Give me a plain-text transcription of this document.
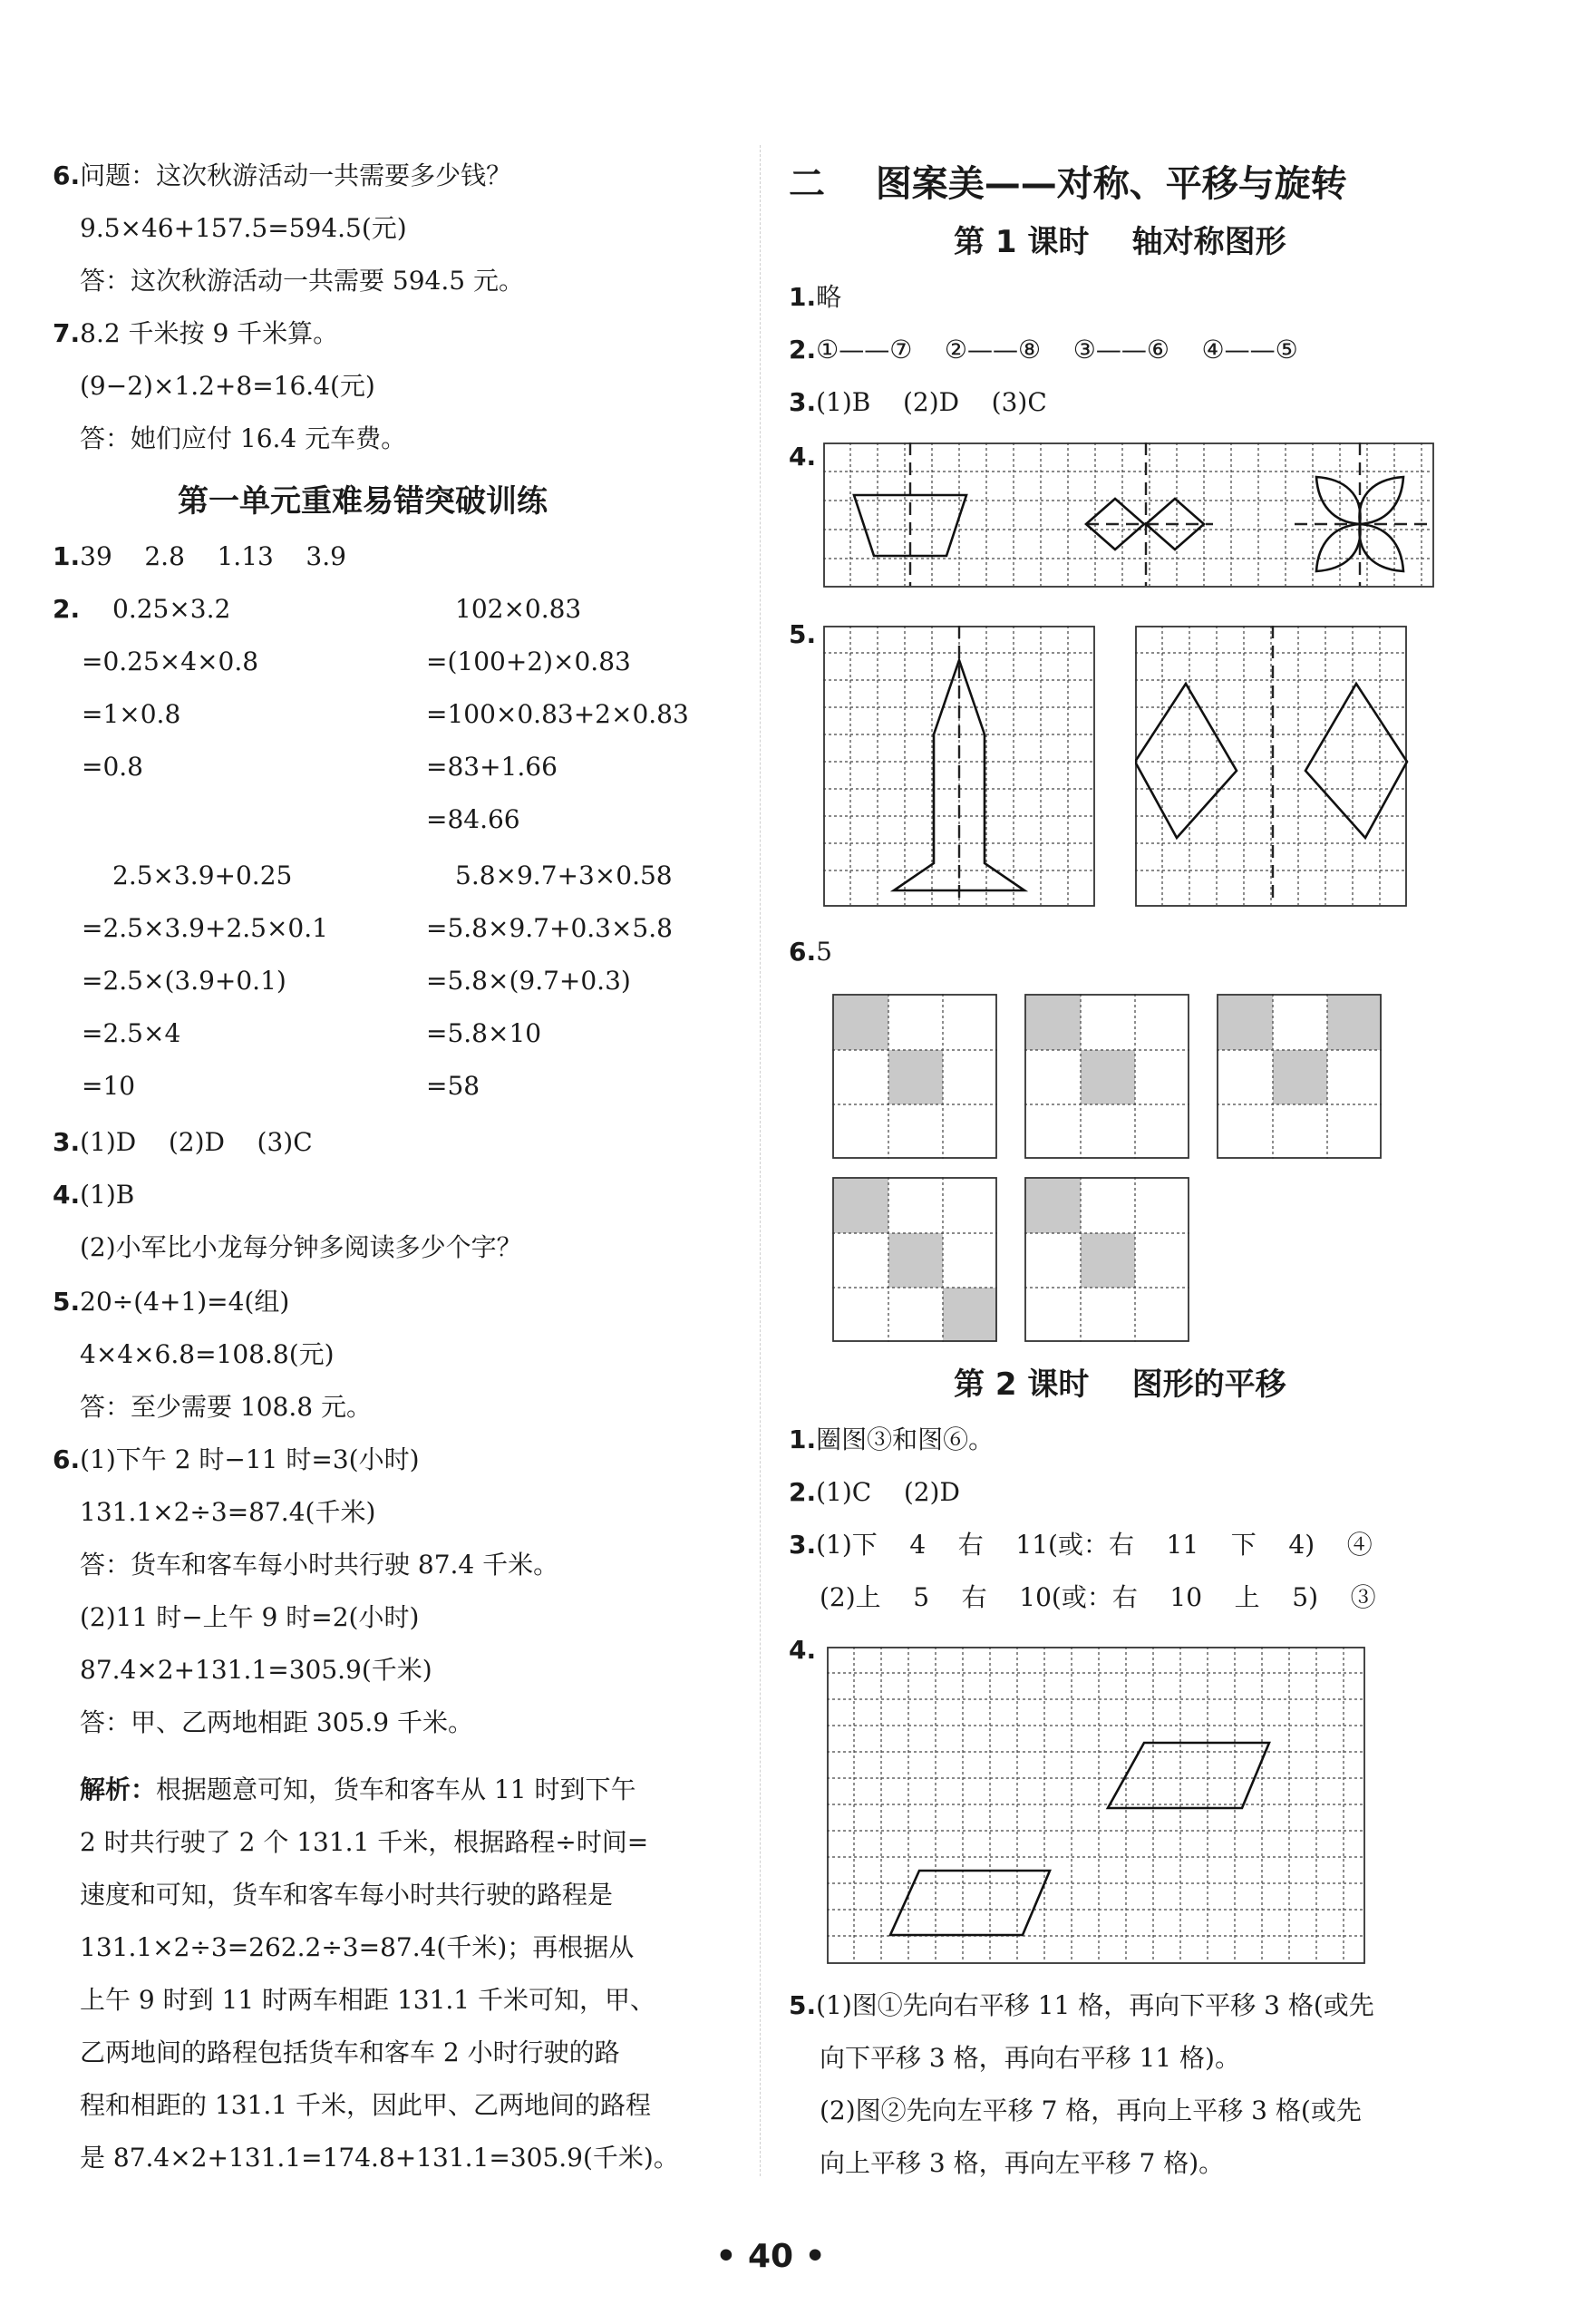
6.问题：这次秋游活动一共需要多少钱？
9.5×46+157.5=594.5(元)
答：这次秋游活动一共需要 594.5 元。
7.8.2 千米按 9 千米算。
(9−2)×1.2+8=16.4(元)
答：她们应付 16.4 元车费。
第一单元重难易错突破训练
1.39    2.8    1.13    3.9
2. 0.25×3.2
=0.25×4×0.8
=1×0.8
=0.8
102×0.83
=(100+2)×0.83
=100×0.83+2×0.83
=83+1.66
=84.66
2.5×3.9+0.25
=2.5×3.9+2.5×0.1
=2.5×(3.9+0.1)
=2.5×4
=10
5.8×9.7+3×0.58
=5.8×9.7+0.3×5.8
=5.8×(9.7+0.3)
=5.8×10
=58
3.(1)D    (2)D    (3)C
4.(1)B
(2)小军比小龙每分钟多阅读多少个字？
5.20÷(4+1)=4(组)
4×4×6.8=108.8(元)
答：至少需要 108.8 元。
6.(1)下午 2 时−11 时=3(小时)
131.1×2÷3=87.4(千米)
答：货车和客车每小时共行驶 87.4 千米。
(2)11 时−上午 9 时=2(小时)
87.4×2+131.1=305.9(千米)
答：甲、乙两地相距 305.9 千米。
解析：根据题意可知，货车和客车从 11 时到下午
2 时共行驶了 2 个 131.1 千米，根据路程÷时间=
速度和可知，货车和客车每小时共行驶的路程是
131.1×2÷3=262.2÷3=87.4(千米)；再根据从
上午 9 时到 11 时两车相距 131.1 千米可知，甲、
乙两地间的路程包括货车和客车 2 小时行驶的路
程和相距的 131.1 千米，因此甲、乙两地间的路程
是 87.4×2+131.1=174.8+131.1=305.9(千米)。
二    图案美——对称、平移与旋转
第 1 课时    轴对称图形
1.略
2.①——⑦    ②——⑧    ③——⑥    ④——⑤
3.(1)B    (2)D    (3)C
4.
5.
6.5
第 2 课时    图形的平移
1.圈图③和图⑥。
2.(1)C    (2)D
3.(1)下    4    右    11(或：右    11    下    4)    ④
(2)上    5    右    10(或：右    10    上    5)    ③
4.
5.(1)图①先向右平移 11 格，再向下平移 3 格(或先
向下平移 3 格，再向右平移 11 格)。
(2)图②先向左平移 7 格，再向上平移 3 格(或先
向上平移 3 格，再向左平移 7 格)。
• 40 •
